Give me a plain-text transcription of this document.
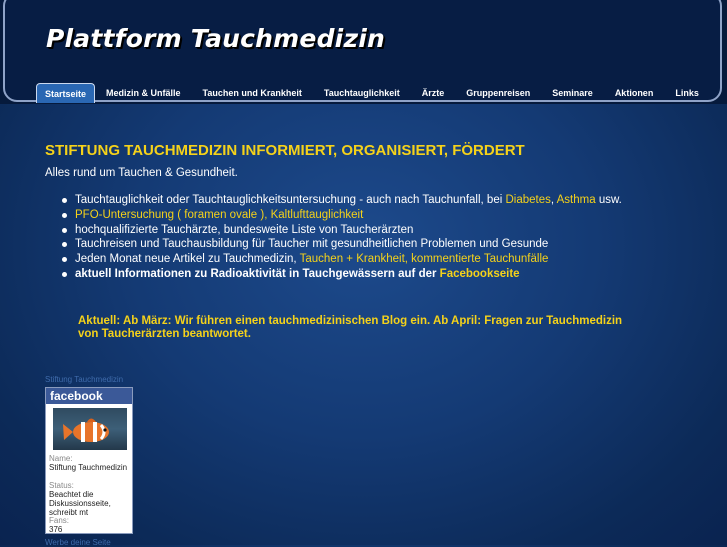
Plattform Tauchmedizin
Startseite	Medizin & Unfälle	Tauchen und Krankheit	Tauchtauglichkeit	Ärzte	Gruppenreisen	Seminare	Aktionen	Links
STIFTUNG TAUCHMEDIZIN INFORMIERT, ORGANISIERT, FÖRDERT

Alles rund um Tauchen & Gesundheit.

Tauchtauglichkeit oder Tauchtauglichkeitsuntersuchung - auch nach Tauchunfall, bei Diabetes, Asthma usw.
PFO-Untersuchung ( foramen ovale ), Kaltlufttauglichkeit
hochqualifizierte Tauchärzte, bundesweite Liste von Taucherärzten
Tauchreisen und Tauchausbildung für Taucher mit gesundheitlichen Problemen und Gesunde
Jeden Monat neue Artikel zu Tauchmedizin, Tauchen + Krankheit, kommentierte Tauchunfälle
aktuell Informationen zu Radioaktivität in Tauchgewässern auf der Facebookseite

Aktuell: Ab März: Wir führen einen tauchmedizinischen Blog ein. Ab April: Fragen zur Tauchmedizin von Taucherärzten beantwortet.

Stiftung Tauchmedizin
facebook
Name:
Stiftung Tauchmedizin
Status:
Beachtet die Diskussionsseite, schreibt mt
Fans:
376
Werbe deine Seite
